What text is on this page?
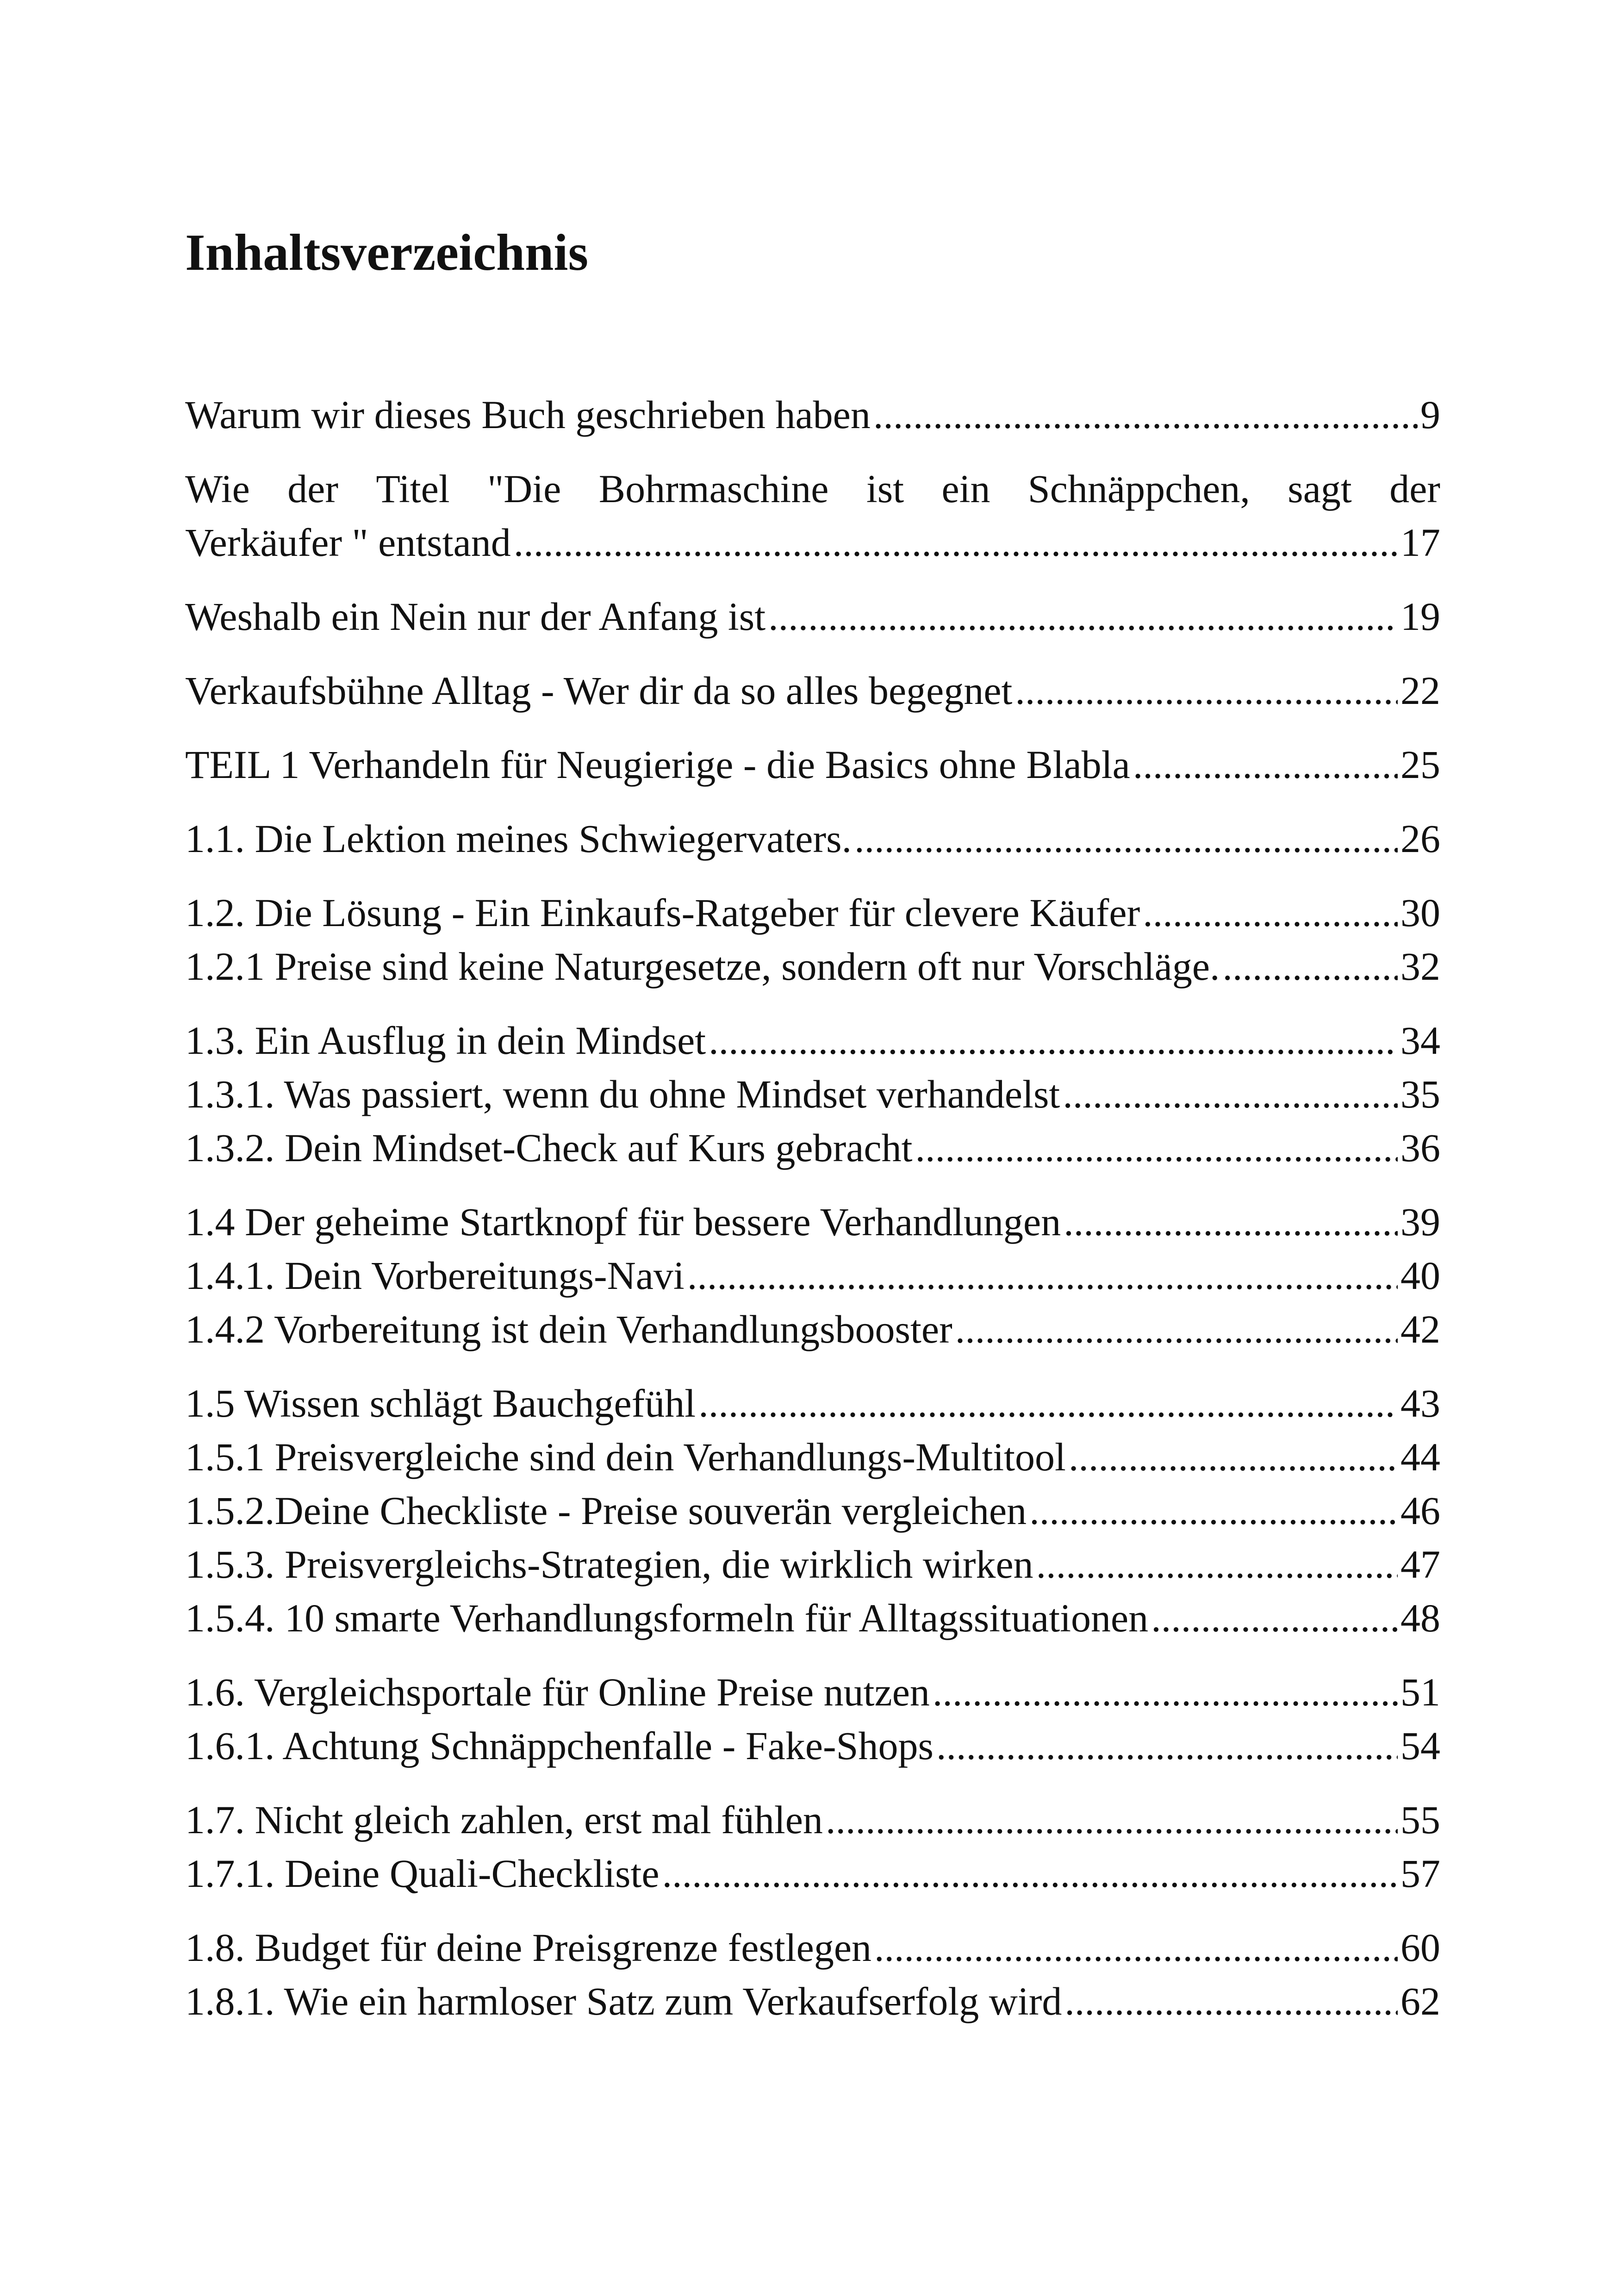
Inhaltsverzeichnis
Warum wir dieses Buch geschrieben haben .....	9
Wie der Titel "Die Bohrmaschine ist ein Schnäppchen, sagt der
Verkäufer " entstand .....	17
Weshalb ein Nein nur der Anfang ist .....	19
Verkaufsbühne Alltag - Wer dir da so alles begegnet .....	22
TEIL 1 Verhandeln für Neugierige - die Basics ohne Blabla .....	25
1.1. Die Lektion meines Schwiegervaters. .....	26
1.2. Die Lösung - Ein Einkaufs-Ratgeber für clevere Käufer .....	30
1.2.1 Preise sind keine Naturgesetze, sondern oft nur Vorschläge. .....	32
1.3. Ein Ausflug in dein Mindset .....	34
1.3.1. Was passiert, wenn du ohne Mindset verhandelst .....	35
1.3.2. Dein Mindset-Check auf Kurs gebracht .....	36
1.4 Der geheime Startknopf für bessere Verhandlungen .....	39
1.4.1. Dein Vorbereitungs-Navi .....	40
1.4.2 Vorbereitung ist dein Verhandlungsbooster .....	42
1.5 Wissen schlägt Bauchgefühl .....	43
1.5.1 Preisvergleiche sind dein Verhandlungs-Multitool .....	44
1.5.2.Deine Checkliste - Preise souverän vergleichen .....	46
1.5.3. Preisvergleichs-Strategien, die wirklich wirken .....	47
1.5.4. 10 smarte Verhandlungsformeln für Alltagssituationen .....	48
1.6. Vergleichsportale für Online Preise nutzen .....	51
1.6.1. Achtung Schnäppchenfalle - Fake-Shops .....	54
1.7. Nicht gleich zahlen, erst mal fühlen .....	55
1.7.1. Deine Quali-Checkliste .....	57
1.8. Budget für deine Preisgrenze festlegen .....	60
1.8.1. Wie ein harmloser Satz zum Verkaufserfolg wird .....	62
